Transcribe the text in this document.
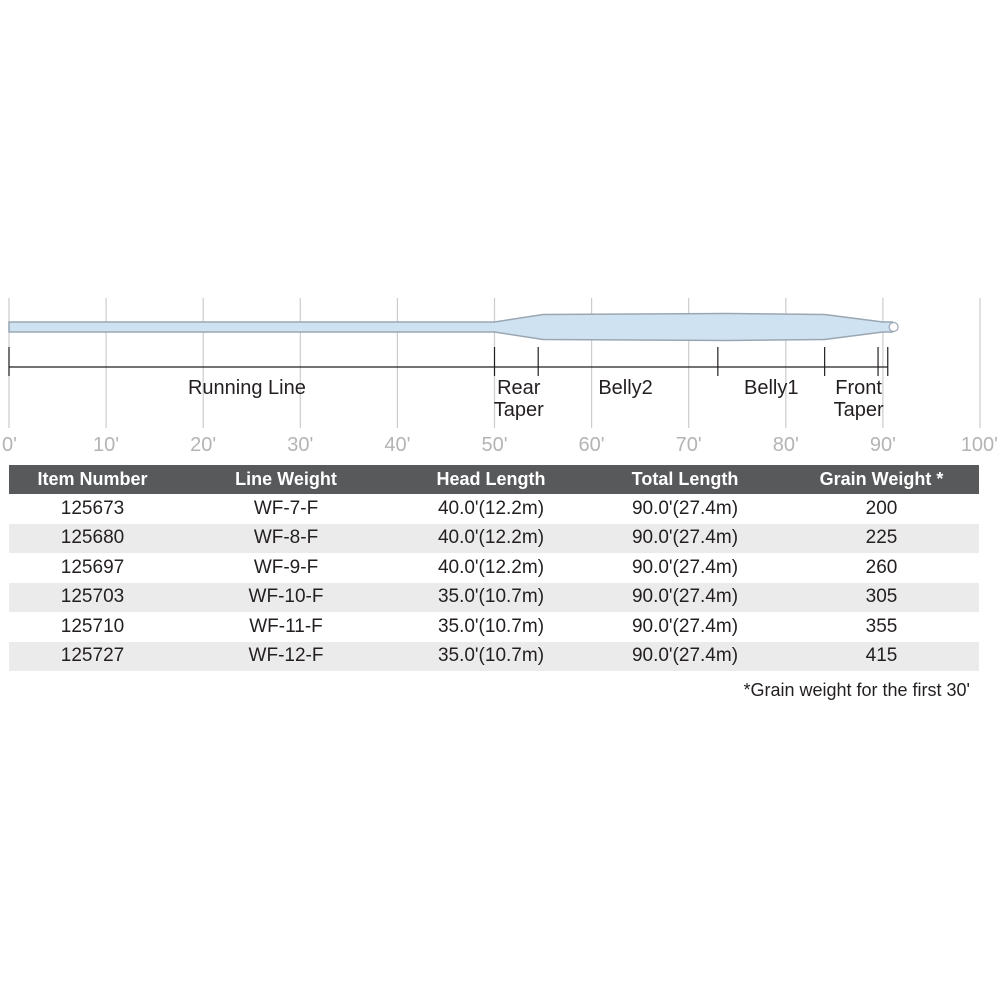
Running Line	Rear
Taper
Belly2	Belly1 Front
Taper
0'	10'	20'	30'	40'	50'	60'	70'	80'	90'	100'
Item Number	Line Weight	Head Length	Total Length	Grain Weight *
125673	WF-7-F	40.0'(12.2m)	90.0'(27.4m)	200
125680	WF-8-F	40.0'(12.2m)	90.0'(27.4m)	225
125697	WF-9-F	40.0'(12.2m)	90.0'(27.4m)	260
125703	WF-10-F	35.0'(10.7m)	90.0'(27.4m)	305
125710	WF-11-F	35.0'(10.7m)	90.0'(27.4m)	355
125727	WF-12-F	35.0'(10.7m)	90.0'(27.4m)	415
*Grain weight for the first 30'
